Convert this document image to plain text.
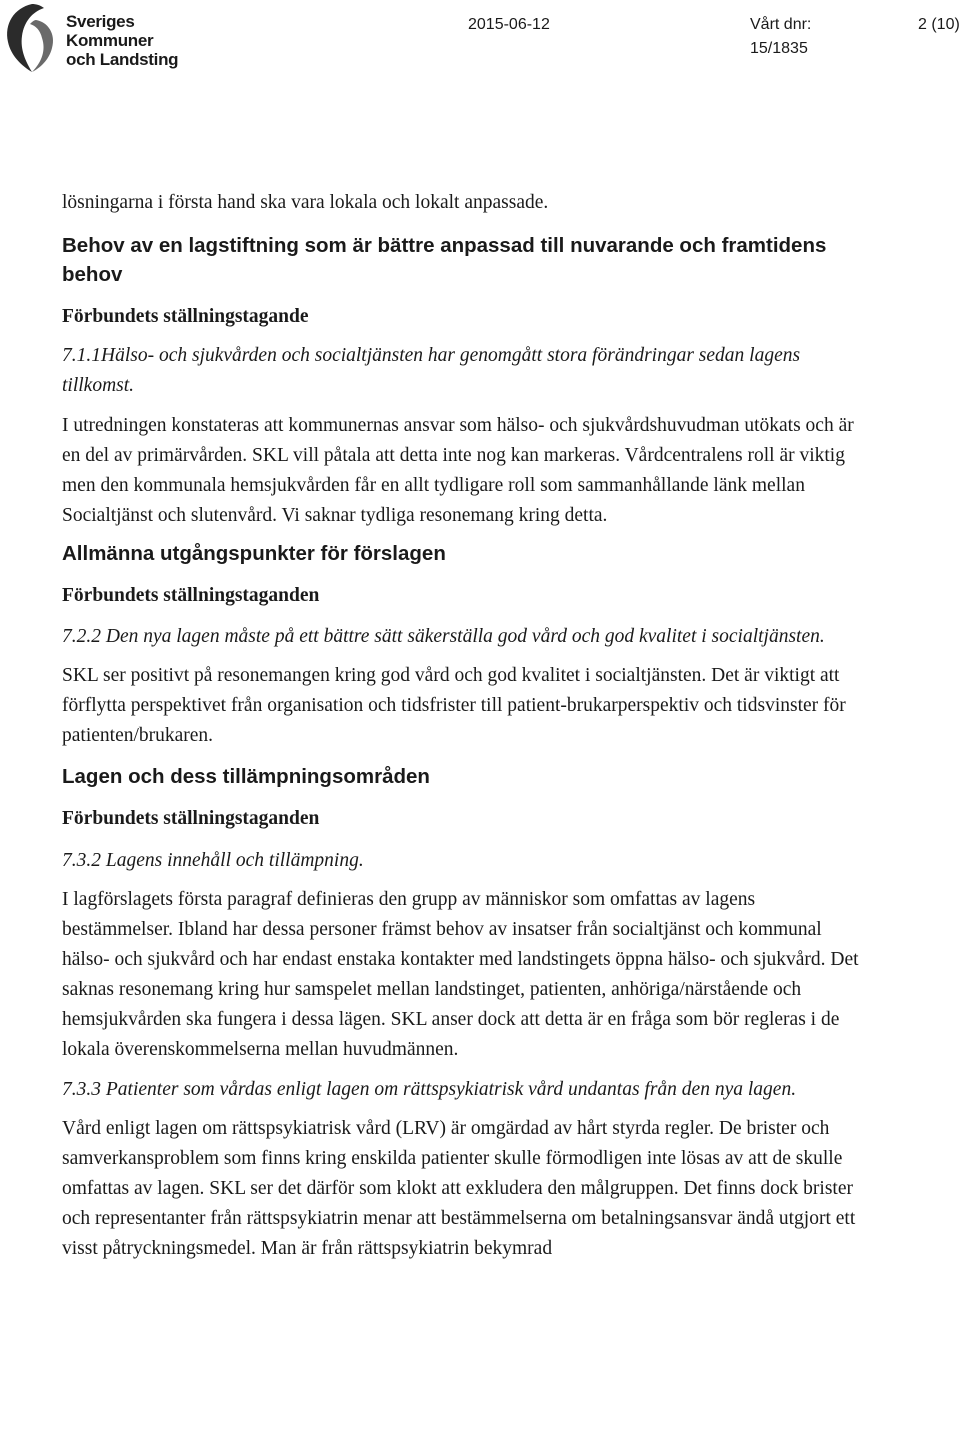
Sveriges
Kommuner
och Landsting
2015-06-12	Vårt dnr:
15/1835
2 (10)

lösningarna i första hand ska vara lokala och lokalt anpassade.

Behov av en lagstiftning som är bättre anpassad till nuvarande och framtidens behov

Förbundets ställningstagande

7.1.1Hälso- och sjukvården och socialtjänsten har genomgått stora förändringar sedan lagens tillkomst.

I utredningen konstateras att kommunernas ansvar som hälso- och sjukvårdshuvudman utökats och är en del av primärvården. SKL vill påtala att detta inte nog kan markeras. Vårdcentralens roll är viktig men den kommunala hemsjukvården får en allt tydligare roll som sammanhållande länk mellan Socialtjänst och slutenvård. Vi saknar tydliga resonemang kring detta.

Allmänna utgångspunkter för förslagen

Förbundets ställningstaganden

7.2.2 Den nya lagen måste på ett bättre sätt säkerställa god vård och god kvalitet i socialtjänsten.

SKL ser positivt på resonemangen kring god vård och god kvalitet i socialtjänsten. Det är viktigt att förflytta perspektivet från organisation och tidsfrister till patient-brukarperspektiv och tidsvinster för patienten/brukaren.

Lagen och dess tillämpningsområden

Förbundets ställningstaganden

7.3.2 Lagens innehåll och tillämpning.

I lagförslagets första paragraf definieras den grupp av människor som omfattas av lagens bestämmelser. Ibland har dessa personer främst behov av insatser från socialtjänst och kommunal hälso- och sjukvård och har endast enstaka kontakter med landstingets öppna hälso- och sjukvård. Det saknas resonemang kring hur samspelet mellan landstinget, patienten, anhöriga/närstående och hemsjukvården ska fungera i dessa lägen. SKL anser dock att detta är en fråga som bör regleras i de lokala överenskommelserna mellan huvudmännen.

7.3.3 Patienter som vårdas enligt lagen om rättspsykiatrisk vård undantas från den nya lagen.

Vård enligt lagen om rättspsykiatrisk vård (LRV) är omgärdad av hårt styrda regler. De brister och samverkansproblem som finns kring enskilda patienter skulle förmodligen inte lösas av att de skulle omfattas av lagen. SKL ser det därför som klokt att exkludera den målgruppen. Det finns dock brister och representanter från rättspsykiatrin menar att bestämmelserna om betalningsansvar ändå utgjort ett visst påtryckningsmedel. Man är från rättspsykiatrin bekymrad
